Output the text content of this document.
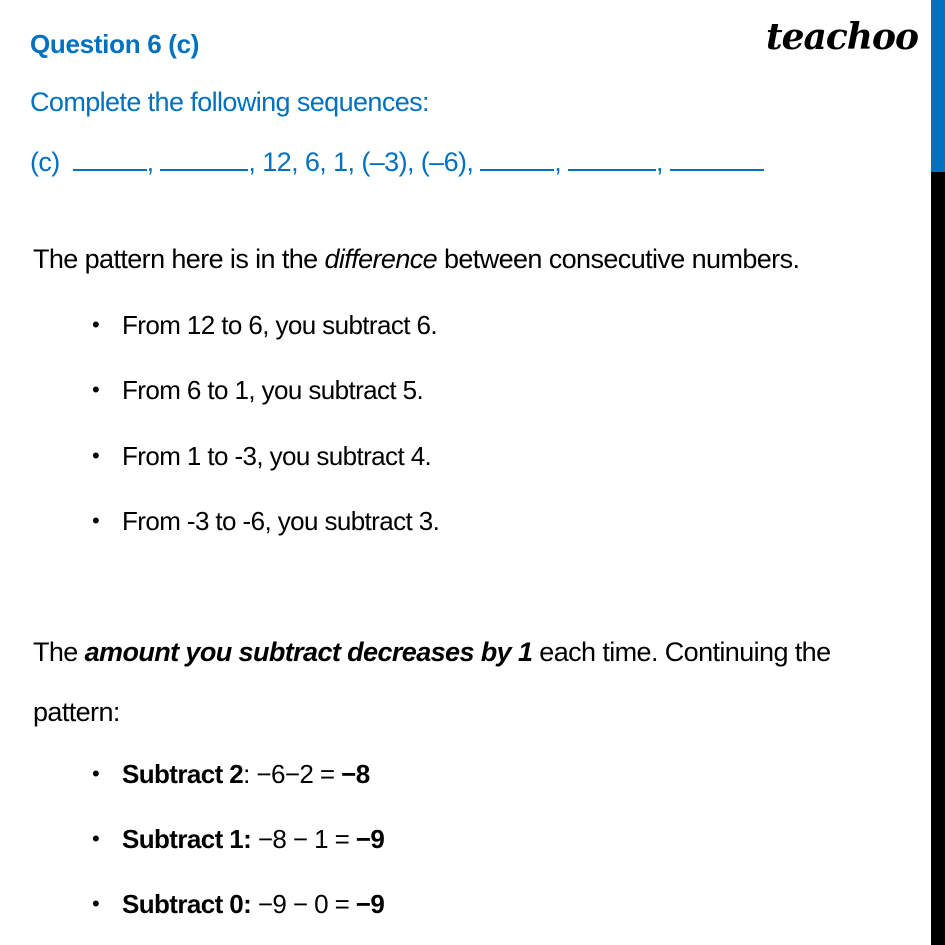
Question 6 (c)	teachoo
Complete the following sequences:
(c)	,	, 12, 6, 1, (–3), (–6),	,	,
The pattern here is in the difference between consecutive numbers.
• From 12 to 6, you subtract 6.
• From 6 to 1, you subtract 5.
• From 1 to -3, you subtract 4.
• From -3 to -6, you subtract 3.
The amount you subtract decreases by 1 each time. Continuing the
pattern:
• Subtract 2: −6−2 = −8
• Subtract 1: −8 − 1 = −9
• Subtract 0: −9 − 0 = −9
